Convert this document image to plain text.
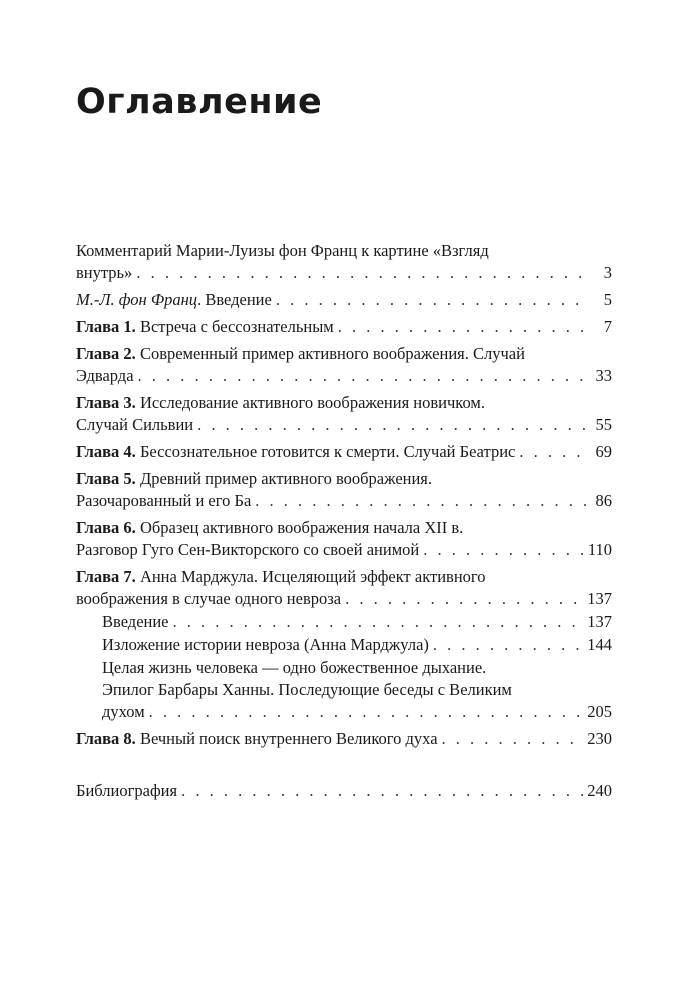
Оглавление
Комментарий Марии-Луизы фон Франц к картине «Взгляд
внутрь» . . .	3
М.-Л. фон Франц. Введение . . .	5
Глава 1. Встреча с бессознательным . . .	7
Глава 2. Современный пример активного воображения. Случай
Эдварда . . .	33
Глава 3. Исследование активного воображения новичком.
Случай Сильвии . . .	55
Глава 4. Бессознательное готовится к смерти. Случай Беатрис . . .	69
Глава 5. Древний пример активного воображения.
Разочарованный и его Ба . . .	86
Глава 6. Образец активного воображения начала XII в.
Разговор Гуго Сен-Викторского со своей анимой . . .	110
Глава 7. Анна Марджула. Исцеляющий эффект активного
воображения в случае одного невроза . . .	137
Введение . . .	137
Изложение истории невроза (Анна Марджула) . . .	144
Целая жизнь человека — одно божественное дыхание.
Эпилог Барбары Ханны. Последующие беседы с Великим
духом . . .	205
Глава 8. Вечный поиск внутреннего Великого духа . . .	230
Библиография . . .	240
